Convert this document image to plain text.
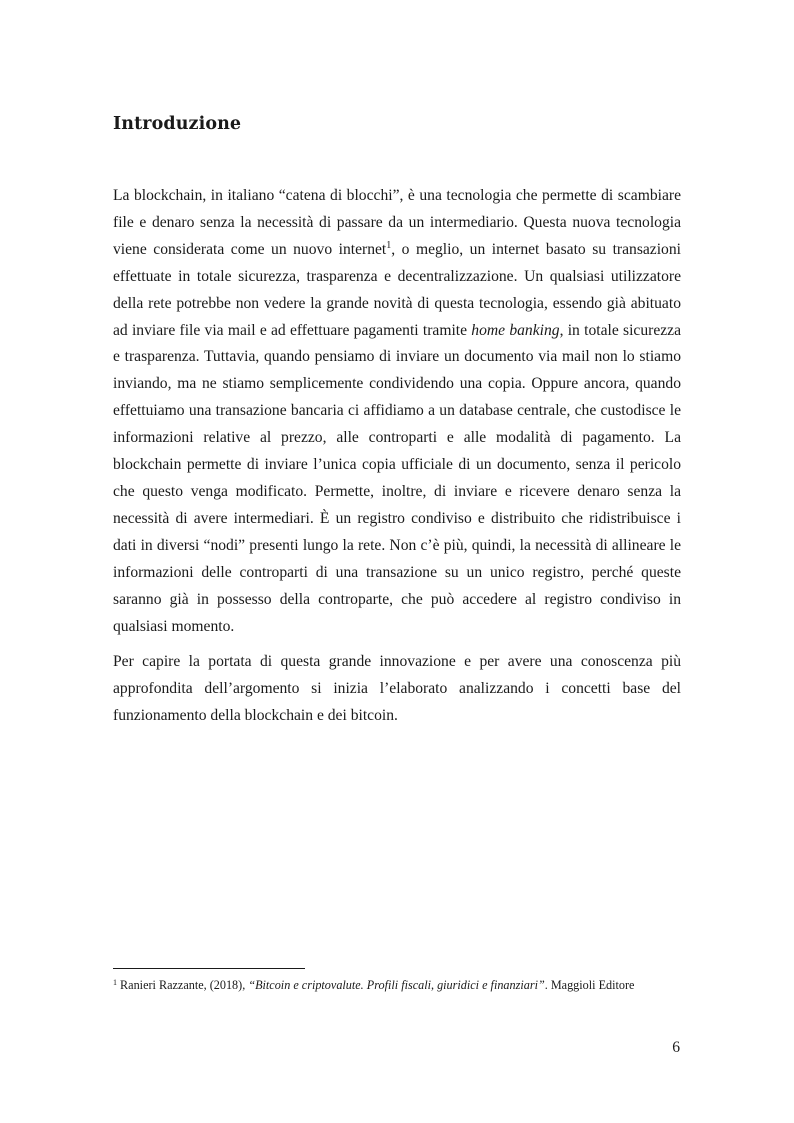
Introduzione

La blockchain, in italiano “catena di blocchi”, è una tecnologia che permette di scambiare file e denaro senza la necessità di passare da un intermediario. Questa nuova tecnologia viene considerata come un nuovo internet$^1$, o meglio, un internet basato su transazioni effettuate in totale sicurezza, trasparenza e decentralizzazione. Un qualsiasi utilizzatore della rete potrebbe non vedere la grande novità di questa tecnologia, essendo già abituato ad inviare file via mail e ad effettuare pagamenti tramite home banking, in totale sicurezza e trasparenza. Tuttavia, quando pensiamo di inviare un documento via mail non lo stiamo inviando, ma ne stiamo semplicemente condividendo una copia. Oppure ancora, quando effettuiamo una transazione bancaria ci affidiamo a un database centrale, che custodisce le informazioni relative al prezzo, alle controparti e alle modalità di pagamento. La blockchain permette di inviare l’unica copia ufficiale di un documento, senza il pericolo che questo venga modificato. Permette, inoltre, di inviare e ricevere denaro senza la necessità di avere intermediari. È un registro condiviso e distribuito che ridistribuisce i dati in diversi “nodi” presenti lungo la rete. Non c’è più, quindi, la necessità di allineare le informazioni delle controparti di una transazione su un unico registro, perché queste saranno già in possesso della controparte, che può accedere al registro condiviso in qualsiasi momento.

Per capire la portata di questa grande innovazione e per avere una conoscenza più approfondita dell’argomento si inizia l’elaborato analizzando i concetti base del funzionamento della blockchain e dei bitcoin.

$^1$ Ranieri Razzante, (2018), “Bitcoin e criptovalute. Profili fiscali, giuridici e finanziari”. Maggioli Editore
6
